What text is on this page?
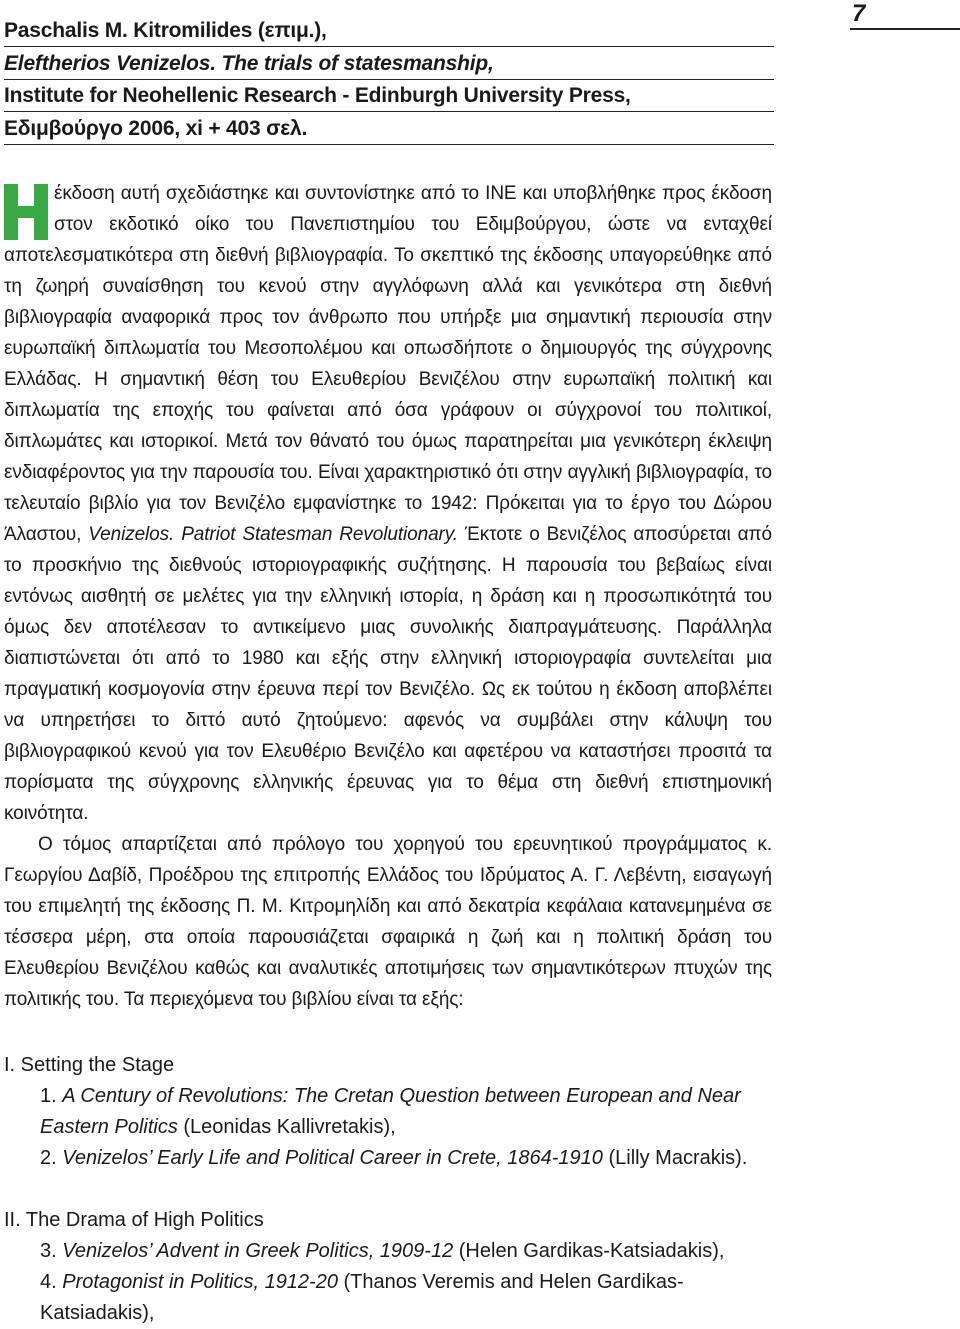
Paschalis M. Kitromilides (επιμ.),
Eleftherios Venizelos. The trials of statesmanship,
Institute for Neohellenic Research - Edinburgh University Press,
Εδιμβούργο 2006, xi + 403 σελ.
7

έκδοση αυτή σχεδιάστηκε και συντονίστηκε από το ΙΝΕ και υποβλήθηκε προς έκδοση στον εκδοτικό οίκο του Πανεπιστημίου του Εδιμβούργου, ώστε να ενταχθεί αποτελεσματικότερα στη διεθνή βιβλιογραφία. Το σκεπτικό της έκδοσης υπαγορεύθηκε από τη ζωηρή συναίσθηση του κενού στην αγγλόφωνη αλλά και γενικότερα στη διεθνή βιβλιογραφία αναφορικά προς τον άνθρωπο που υπήρξε μια σημαντική περιουσία στην ευρωπαϊκή διπλωματία του Μεσοπολέμου και οπωσδήποτε ο δημιουργός της σύγχρονης Ελλάδας. Η σημαντική θέση του Ελευθερίου Βενιζέλου στην ευρωπαϊκή πολιτική και διπλωματία της εποχής του φαίνεται από όσα γράφουν οι σύγχρονοί του πολιτικοί, διπλωμάτες και ιστορικοί. Μετά τον θάνατό του όμως παρατηρείται μια γενικότερη έκλειψη ενδιαφέροντος για την παρουσία του. Είναι χαρακτηριστικό ότι στην αγγλική βιβλιογραφία, το τελευταίο βιβλίο για τον Βενιζέλο εμφανίστηκε το 1942: Πρόκειται για το έργο του Δώρου Άλαστου, Venizelos. Patriot Statesman Revolutionary. Έκτοτε ο Βενιζέλος αποσύρεται από το προσκήνιο της διεθνούς ιστοριογραφικής συζήτησης. Η παρουσία του βεβαίως είναι εντόνως αισθητή σε μελέτες για την ελληνική ιστορία, η δράση και η προσωπικότητά του όμως δεν αποτέλεσαν το αντικείμενο μιας συνολικής διαπραγμάτευσης. Παράλληλα διαπιστώνεται ότι από το 1980 και εξής στην ελληνική ιστοριογραφία συντελείται μια πραγματική κοσμογονία στην έρευνα περί τον Βενιζέλο. Ως εκ τούτου η έκδοση αποβλέπει να υπηρετήσει το διττό αυτό ζητούμενο: αφενός να συμβάλει στην κάλυψη του βιβλιογραφικού κενού για τον Ελευθέριο Βενιζέλο και αφετέρου να καταστήσει προσιτά τα πορίσματα της σύγχρονης ελληνικής έρευνας για το θέμα στη διεθνή επιστημονική κοινότητα.

Ο τόμος απαρτίζεται από πρόλογο του χορηγού του ερευνητικού προγράμματος κ. Γεωργίου Δαβίδ, Προέδρου της επιτροπής Ελλάδος του Ιδρύματος Α. Γ. Λεβέντη, εισαγωγή του επιμελητή της έκδοσης Π. Μ. Κιτρομηλίδη και από δεκατρία κεφάλαια κατανεμημένα σε τέσσερα μέρη, στα οποία παρουσιάζεται σφαιρικά η ζωή και η πολιτική δράση του Ελευθερίου Βενιζέλου καθώς και αναλυτικές αποτιμήσεις των σημαντικότερων πτυχών της πολιτικής του. Τα περιεχόμενα του βιβλίου είναι τα εξής:

I. Setting the Stage

1. A Century of Revolutions: The Cretan Question between European and Near Eastern Politics (Leonidas Kallivretakis),

2. Venizelos’ Early Life and Political Career in Crete, 1864-1910 (Lilly Macrakis).

II. The Drama of High Politics

3. Venizelos’ Advent in Greek Politics, 1909-12 (Helen Gardikas-Katsiadakis),

4. Protagonist in Politics, 1912-20 (Thanos Veremis and Helen Gardikas-Katsiadakis),
